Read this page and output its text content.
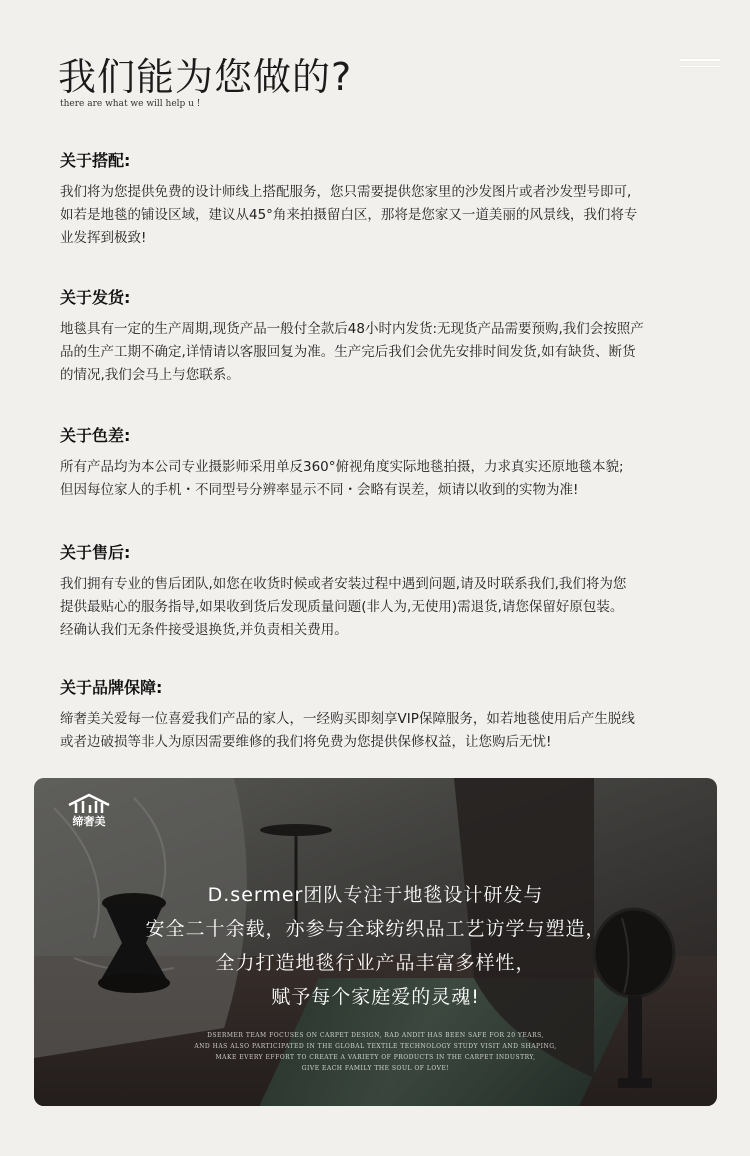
我们能为您做的?
there are what we will help u !
关于搭配:

我们将为您提供免费的设计师线上搭配服务，您只需要提供您家里的沙发图片或者沙发型号即可,
如若是地毯的铺设区域，建议从45°角来拍摄留白区，那将是您家又一道美丽的风景线，我们将专
业发挥到极致!

关于发货:

地毯具有一定的生产周期,现货产品一般付全款后48小时内发货:无现货产品需要预购,我们会按照产
品的生产工期不确定,详情请以客服回复为准。生产完后我们会优先安排时间发货,如有缺货、断货
的情况,我们会马上与您联系。

关于色差:

所有产品均为本公司专业摄影师采用单反360°俯视角度实际地毯拍摄，力求真实还原地毯本貌;
但因每位家人的手机・不同型号分辨率显示不同・会略有误差，烦请以收到的实物为准!

关于售后:

我们拥有专业的售后团队,如您在收货时候或者安装过程中遇到问题,请及时联系我们,我们将为您
提供最贴心的服务指导,如果收到货后发现质量问题(非人为,无使用)需退货,请您保留好原包装。
经确认我们无条件接受退换货,并负责相关费用。

关于品牌保障:

缔奢美关爱每一位喜爱我们产品的家人，一经购买即刻享VIP保障服务，如若地毯使用后产生脱线
或者边破损等非人为原因需要维修的我们将免费为您提供保修权益，让您购后无忧!

缔奢美
D.sermer团队专注于地毯设计研发与
安全二十余载，亦参与全球纺织品工艺访学与塑造，
全力打造地毯行业产品丰富多样性，
赋予每个家庭爱的灵魂!
DSERMER TEAM FOCUSES ON CARPET DESIGN, RAD ANDIT HAS BEEN SAFE FOR 20 YEARS,
AND HAS ALSO PARTICIPATED IN THE GLOBAL TEXTILE TECHNOLOGY STUDY VISIT AND SHAPING,
MAKE EVERY EFFORT TO CREATE A VARIETY OF PRODUCTS IN THE CARPET INDUSTRY,
GIVE EACH FAMILY THE SOUL OF LOVE!
